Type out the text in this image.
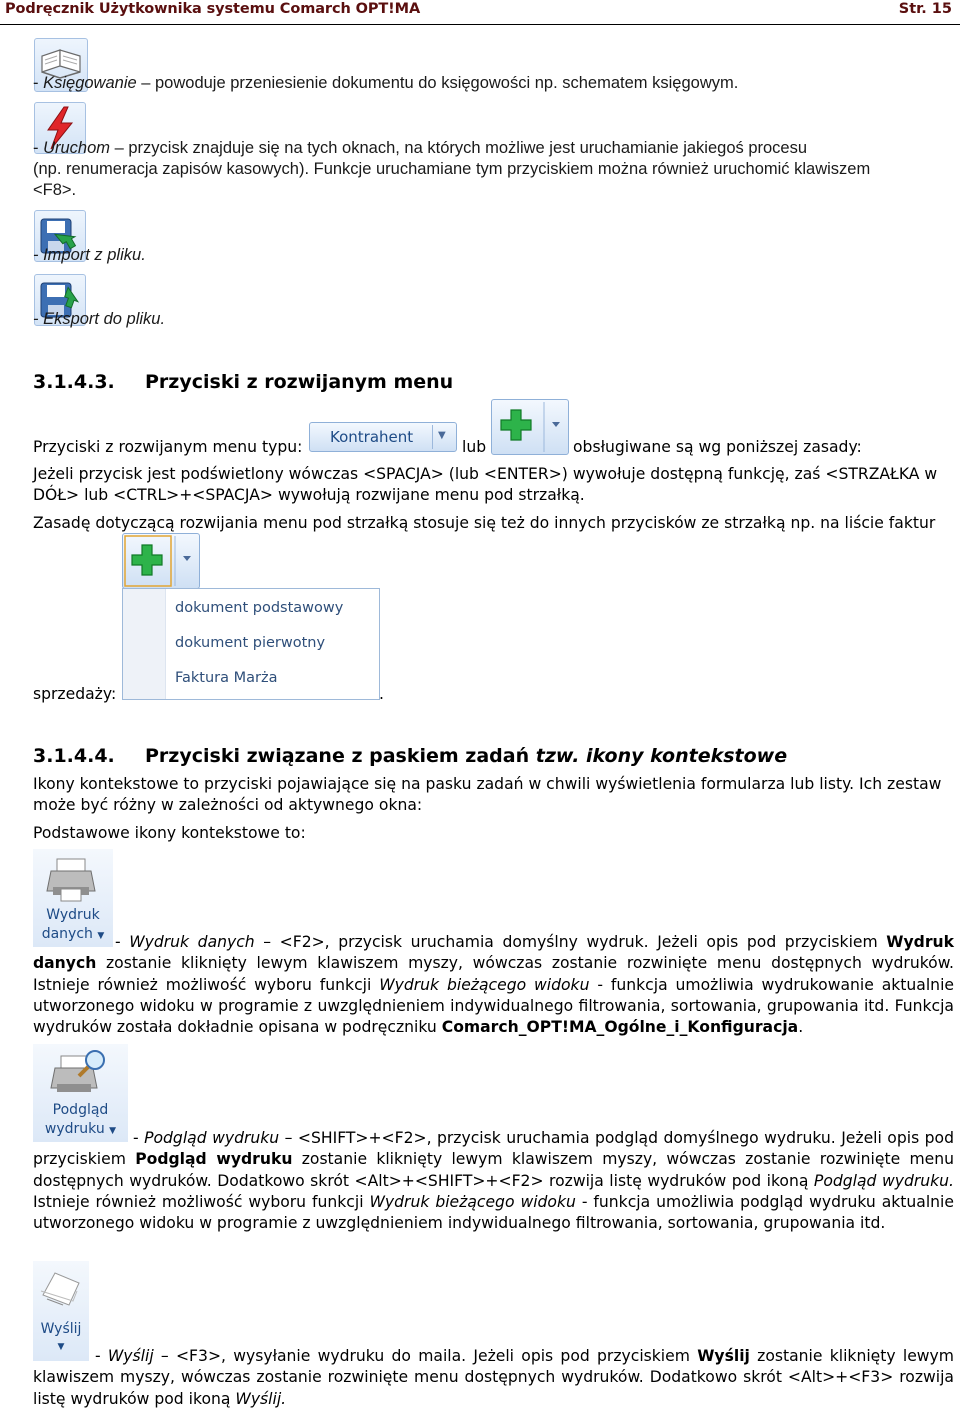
Podręcznik Użytkownika systemu Comarch OPT!MA	Str. 15
- Księgowanie – powoduje przeniesienie dokumentu do księgowości np. schematem księgowym.
- Uruchom – przycisk znajduje się na tych oknach, na których możliwe jest uruchamianie jakiegoś procesu
(np. renumeracja zapisów kasowych). Funkcje uruchamiane tym przyciskiem można również uruchomić klawiszem
<F8>.
- Import z pliku.
- Eksport do pliku.
3.1.4.3. Przyciski z rozwijanym menu
Przyciski z rozwijanym menu typu:
Kontrahent ▼
lub	obsługiwane są wg poniższej zasady:
Jeżeli przycisk jest podświetlony wówczas <SPACJA> (lub <ENTER>) wywołuje dostępną funkcję, zaś <STRZAŁKA w
DÓŁ> lub <CTRL>+<SPACJA> wywołują rozwijane menu pod strzałką.
Zasadę dotyczącą rozwijania menu pod strzałką stosuje się też do innych przycisków ze strzałką np. na liście faktur
dokument podstawowy
dokument pierwotny
Faktura Marża
sprzedaży:	.
3.1.4.4. Przyciski związane z paskiem zadań tzw. ikony kontekstowe
Ikony kontekstowe to przyciski pojawiające się na pasku zadań w chwili wyświetlenia formularza lub listy. Ich zestaw
może być różny w zależności od aktywnego okna:
Podstawowe ikony kontekstowe to:
Wydruk
danych ▼ - Wydruk danych – <F2>, przycisk uruchamia domyślny wydruk. Jeżeli opis pod przyciskiem Wydruk danych zostanie kliknięty lewym klawiszem myszy, wówczas zostanie rozwinięte menu dostępnych wydruków. Istnieje również możliwość wyboru funkcji Wydruk bieżącego widoku - funkcja umożliwia wydrukowanie aktualnie utworzonego widoku w programie z uwzględnieniem indywidualnego filtrowania, sortowania, grupowania itd. Funkcja wydruków została dokładnie opisana w podręczniku Comarch_OPT!MA_Ogólne_i_Konfiguracja.
Podgląd
wydruku ▼	- Podgląd wydruku – <SHIFT>+<F2>, przycisk uruchamia podgląd domyślnego wydruku. Jeżeli opis pod przyciskiem Podgląd wydruku zostanie kliknięty lewym klawiszem myszy, wówczas zostanie rozwinięte menu dostępnych wydruków. Dodatkowo skrót <Alt>+<SHIFT>+<F2> rozwija listę wydruków pod ikoną Podgląd wydruku. Istnieje również możliwość wyboru funkcji Wydruk bieżącego widoku - funkcja umożliwia podgląd wydruku aktualnie utworzonego widoku w programie z uwzględnieniem indywidualnego filtrowania, sortowania, grupowania itd.
Wyślij
▼	- Wyślij – <F3>, wysyłanie wydruku do maila. Jeżeli opis pod przyciskiem Wyślij zostanie kliknięty lewym klawiszem myszy, wówczas zostanie rozwinięte menu dostępnych wydruków. Dodatkowo skrót <Alt>+<F3> rozwija listę wydruków pod ikoną Wyślij.
